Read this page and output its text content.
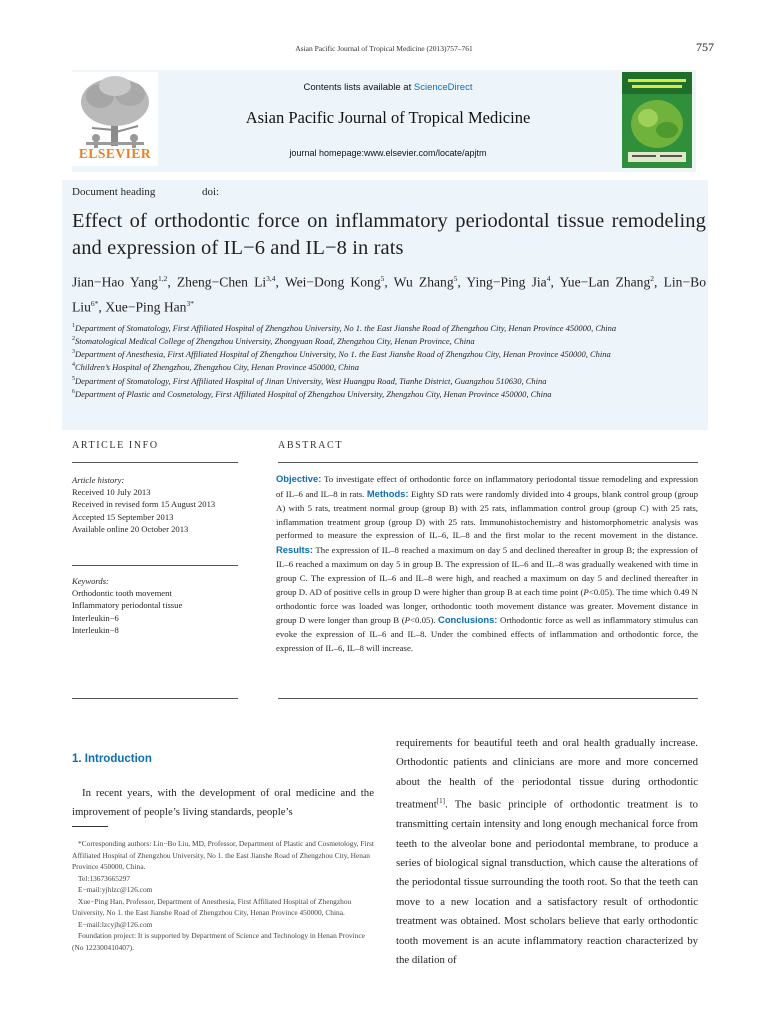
Asian Pacific Journal of Tropical Medicine (2013)757–761	757
ELSEVIER
Contents lists available at ScienceDirect
Asian Pacific Journal of Tropical Medicine
journal homepage:www.elsevier.com/locate/apjtm
Document heading	doi:
Effect of orthodontic force on inflammatory periodontal tissue remodeling and expression of IL−6 and IL−8 in rats
Jian−Hao Yang$^{1,2}$, Zheng−Chen Li$^{3,4}$, Wei−Dong Kong$^5$, Wu Zhang$^5$, Ying−Ping Jia$^4$, Yue−Lan Zhang$^2$, Lin−Bo Liu$^{6*}$, Xue−Ping Han$^{3*}$
$^1$Department of Stomatology, First Affiliated Hospital of Zhengzhou University, No 1. the East Jianshe Road of Zhengzhou City, Henan Province 450000, China
$^2$Stomatological Medical College of Zhengzhou University, Zhongyuan Road, Zhengzhou City, Henan Province, China
$^3$Department of Anesthesia, First Affiliated Hospital of Zhengzhou University, No 1. the East Jianshe Road of Zhengzhou City, Henan Province 450000, China
$^4$Children’s Hospital of Zhengzhou, Zhengzhou City, Henan Province 450000, China
$^5$Department of Stomatology, First Affiliated Hospital of Jinan University, West Huangpu Road, Tianhe District, Guangzhou 510630, China
$^6$Department of Plastic and Cosmetology, First Affiliated Hospital of Zhengzhou University, Zhengzhou City, Henan Province 450000, China
ARTICLE INFO	ABSTRACT
Article history:
Received 10 July 2013
Received in revised form 15 August 2013
Accepted 15 September 2013
Available online 20 October 2013
Keywords:
Orthodontic tooth movement
Inflammatory periodontal tissue
Interleukin−6
Interleukin−8
Objective: To investigate effect of orthodontic force on inflammatory periodontal tissue remodeling and expression of IL–6 and IL–8 in rats. Methods: Eighty SD rats were randomly divided into 4 groups, blank control group (group A) with 5 rats, treatment normal group (group B) with 25 rats, inflammation control group (group C) with 25 rats, inflammation treatment group (group D) with 25 rats. Immunohistochemistry and histomorphometric analysis was performed to measure the expression of IL–6, IL–8 and the first molar to the recent movement in the distance. Results: The expression of IL–8 reached a maximum on day 5 and declined thereafter in group B; the expression of IL–6 reached a maximum on day 5 in group B. The expression of IL–6 and IL–8 was gradually weakened with time in group C. The expression of IL–6 and IL–8 were high, and reached a maximum on day 5 and declined thereafter in group D. AD of positive cells in group D were higher than group B at each time point (P<0.05). The time which 0.49 N orthodontic force was loaded was longer, orthodontic tooth movement distance was greater. Movement distance in group D were longer than group B (P<0.05). Conclusions: Orthodontic force as well as inflammatory stimulus can evoke the expression of IL–6 and IL–8. Under the combined effects of inflammation and orthodontic force, the expression of IL–6, IL–8 will increase.
1. Introduction
In recent years, with the development of oral medicine and the improvement of people’s living standards, people’s
*Corresponding authors: Lin−Bo Liu, MD, Professor, Department of Plastic and Cosmetology, First Affiliated Hospital of Zhengzhou University, No 1. the East Jianshe Road of Zhengzhou City, Henan Province 450000, China.
Tel:13673665297
E−mail:yjhlzc@126.com
Xue−Ping Han, Professor, Department of Anesthesia, First Affiliated Hospital of Zhengzhou University, No 1. the East Jianshe Road of Zhengzhou City, Henan Province 450000, China.
E−mail:lzcyjh@126.com
Foundation project: It is supported by Department of Science and Technology in Henan Province (No 122300410407).
requirements for beautiful teeth and oral health gradually increase. Orthodontic patients and clinicians are more and more concerned about the health of the periodontal tissue during orthodontic treatment[1]. The basic principle of orthodontic treatment is to transmitting certain intensity and long enough mechanical force from teeth to the alveolar bone and periodontal membrane, to produce a series of biological signal transduction, which cause the alterations of the periodontal tissue surrounding the tooth root. So that the teeth can move to a new location and a satisfactory result of orthodontic treatment was obtained. Most scholars believe that early orthodontic tooth movement is an acute inflammatory reaction characterized by the dilation of
